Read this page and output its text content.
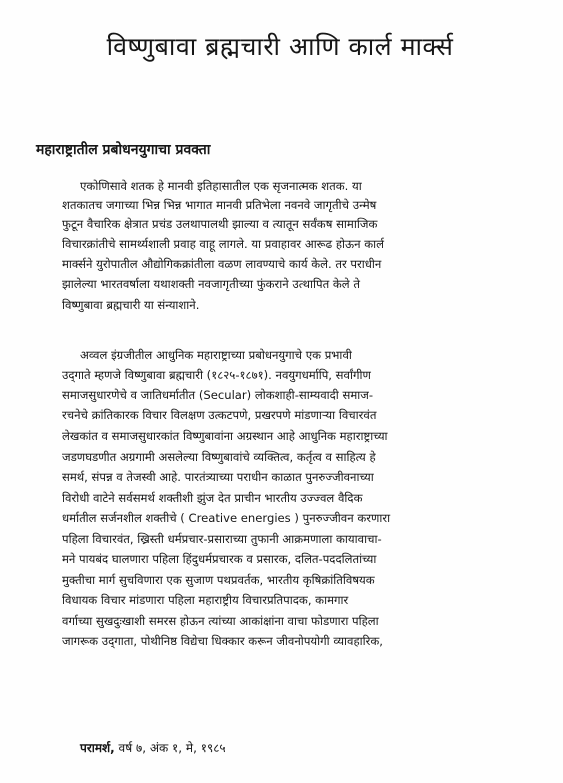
विष्णुबावा ब्रह्मचारी आणि कार्ल मार्क्स
महाराष्ट्रातील प्रबोधनयुगाचा प्रवक्ता
एकोणिसावे शतक हे मानवी इतिहासातील एक सृजनात्मक शतक. या
शतकातच जगाच्या भिन्न भिन्न भागात मानवी प्रतिभेला नवनवे जागृतीचे उन्मेष
फुटून वैचारिक क्षेत्रात प्रचंड उलथापालथी झाल्या व त्यातून सर्वंकष सामाजिक
विचारक्रांतीचे सामर्थ्यशाली प्रवाह वाहू लागले. या प्रवाहावर आरूढ होऊन कार्ल
मार्क्सने युरोपातील औद्योगिकक्रांतीला वळण लावण्याचे कार्य केले. तर पराधीन
झालेल्या भारतवर्षाला यथाशक्ती नवजागृतीच्या फुंकराने उत्थापित केले ते
विष्णुबावा ब्रह्मचारी या संन्याशाने.
अव्वल इंग्रजीतील आधुनिक महाराष्ट्राच्या प्रबोधनयुगाचे एक प्रभावी
उद्‌गाते म्हणजे विष्णुबावा ब्रह्मचारी (१८२५-१८७१). नवयुगधर्मापि, सर्वांगीण
समाजसुधारणेचे व जातिधर्मातीत (Secular) लोकशाही-साम्यवादी समाज-
रचनेचे क्रांतिकारक विचार विलक्षण उत्कटपणे, प्रखरपणे मांडणाऱ्या विचारवंत
लेखकांत व समाजसुधारकांत विष्णुबावांना अग्रस्थान आहे आधुनिक महाराष्ट्राच्या
जडणघडणीत अग्रगामी असलेल्या विष्णुबावांचे व्यक्तित्व, कर्तृत्व व साहित्य हे
समर्थ, संपन्न व तेजस्वी आहे. पारतंत्र्याच्या पराधीन काळात पुनरुज्जीवनाच्या
विरोधी वाटेने सर्वसमर्थ शक्तीशी झुंज देत प्राचीन भारतीय उज्ज्वल वैदिक
धर्मातील सर्जनशील शक्तीचे ( Creative energies ) पुनरुज्जीवन करणारा
पहिला विचारवंत, ख्रिस्ती धर्मप्रचार-प्रसाराच्या तुफानी आक्रमणाला कायावाचा-
मने पायबंद घालणारा पहिला हिंदुधर्मप्रचारक व प्रसारक, दलित-पददलितांच्या
मुक्तीचा मार्ग सुचविणारा एक सुजाण पथप्रवर्तक, भारतीय कृषिक्रांतिविषयक
विधायक विचार मांडणारा पहिला महाराष्ट्रीय विचारप्रतिपादक, कामगार
वर्गाच्या सुखदुःखाशी समरस होऊन त्यांच्या आकांक्षांना वाचा फोडणारा पहिला
जागरूक उद्‌गाता, पोथीनिष्ठ विद्येचा धिक्कार करून जीवनोपयोगी व्यावहारिक,
परामर्श, वर्ष ७, अंक १, मे, १९८५
